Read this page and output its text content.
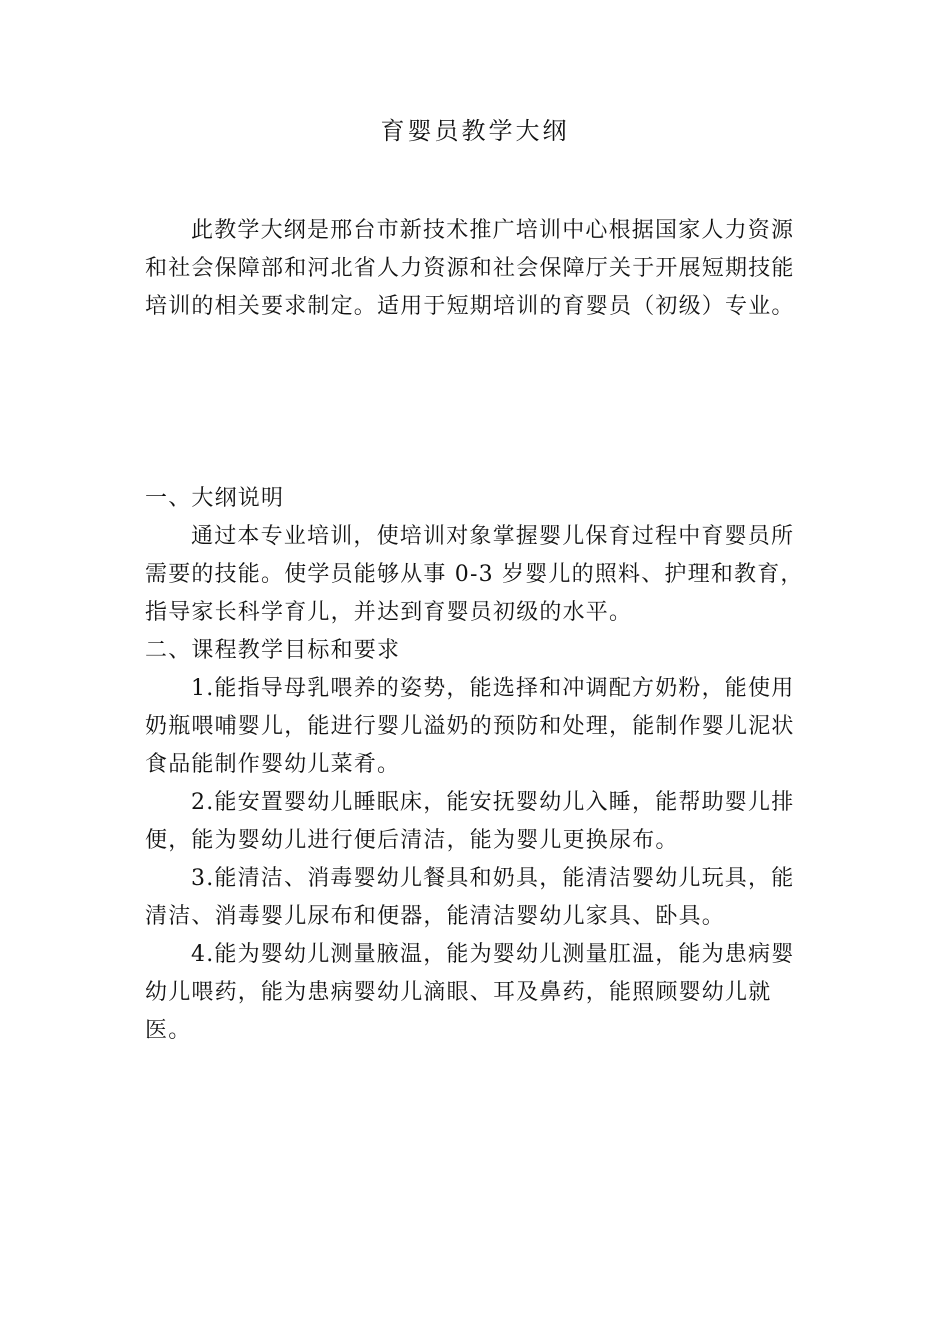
育婴员教学大纲

此教学大纲是邢台市新技术推广培训中心根据国家人力资源和社会保障部和河北省人力资源和社会保障厅关于开展短期技能培训的相关要求制定。适用于短期培训的育婴员（初级）专业。

一、大纲说明

通过本专业培训，使培训对象掌握婴儿保育过程中育婴员所需要的技能。使学员能够从事 0-3 岁婴儿的照料、护理和教育，指导家长科学育儿，并达到育婴员初级的水平。

二、课程教学目标和要求

1.能指导母乳喂养的姿势，能选择和冲调配方奶粉，能使用奶瓶喂哺婴儿，能进行婴儿溢奶的预防和处理，能制作婴儿泥状食品能制作婴幼儿菜肴。

2.能安置婴幼儿睡眠床，能安抚婴幼儿入睡，能帮助婴儿排便，能为婴幼儿进行便后清洁，能为婴儿更换尿布。

3.能清洁、消毒婴幼儿餐具和奶具，能清洁婴幼儿玩具，能清洁、消毒婴儿尿布和便器，能清洁婴幼儿家具、卧具。

4.能为婴幼儿测量腋温，能为婴幼儿测量肛温，能为患病婴幼儿喂药，能为患病婴幼儿滴眼、耳及鼻药，能照顾婴幼儿就医。
